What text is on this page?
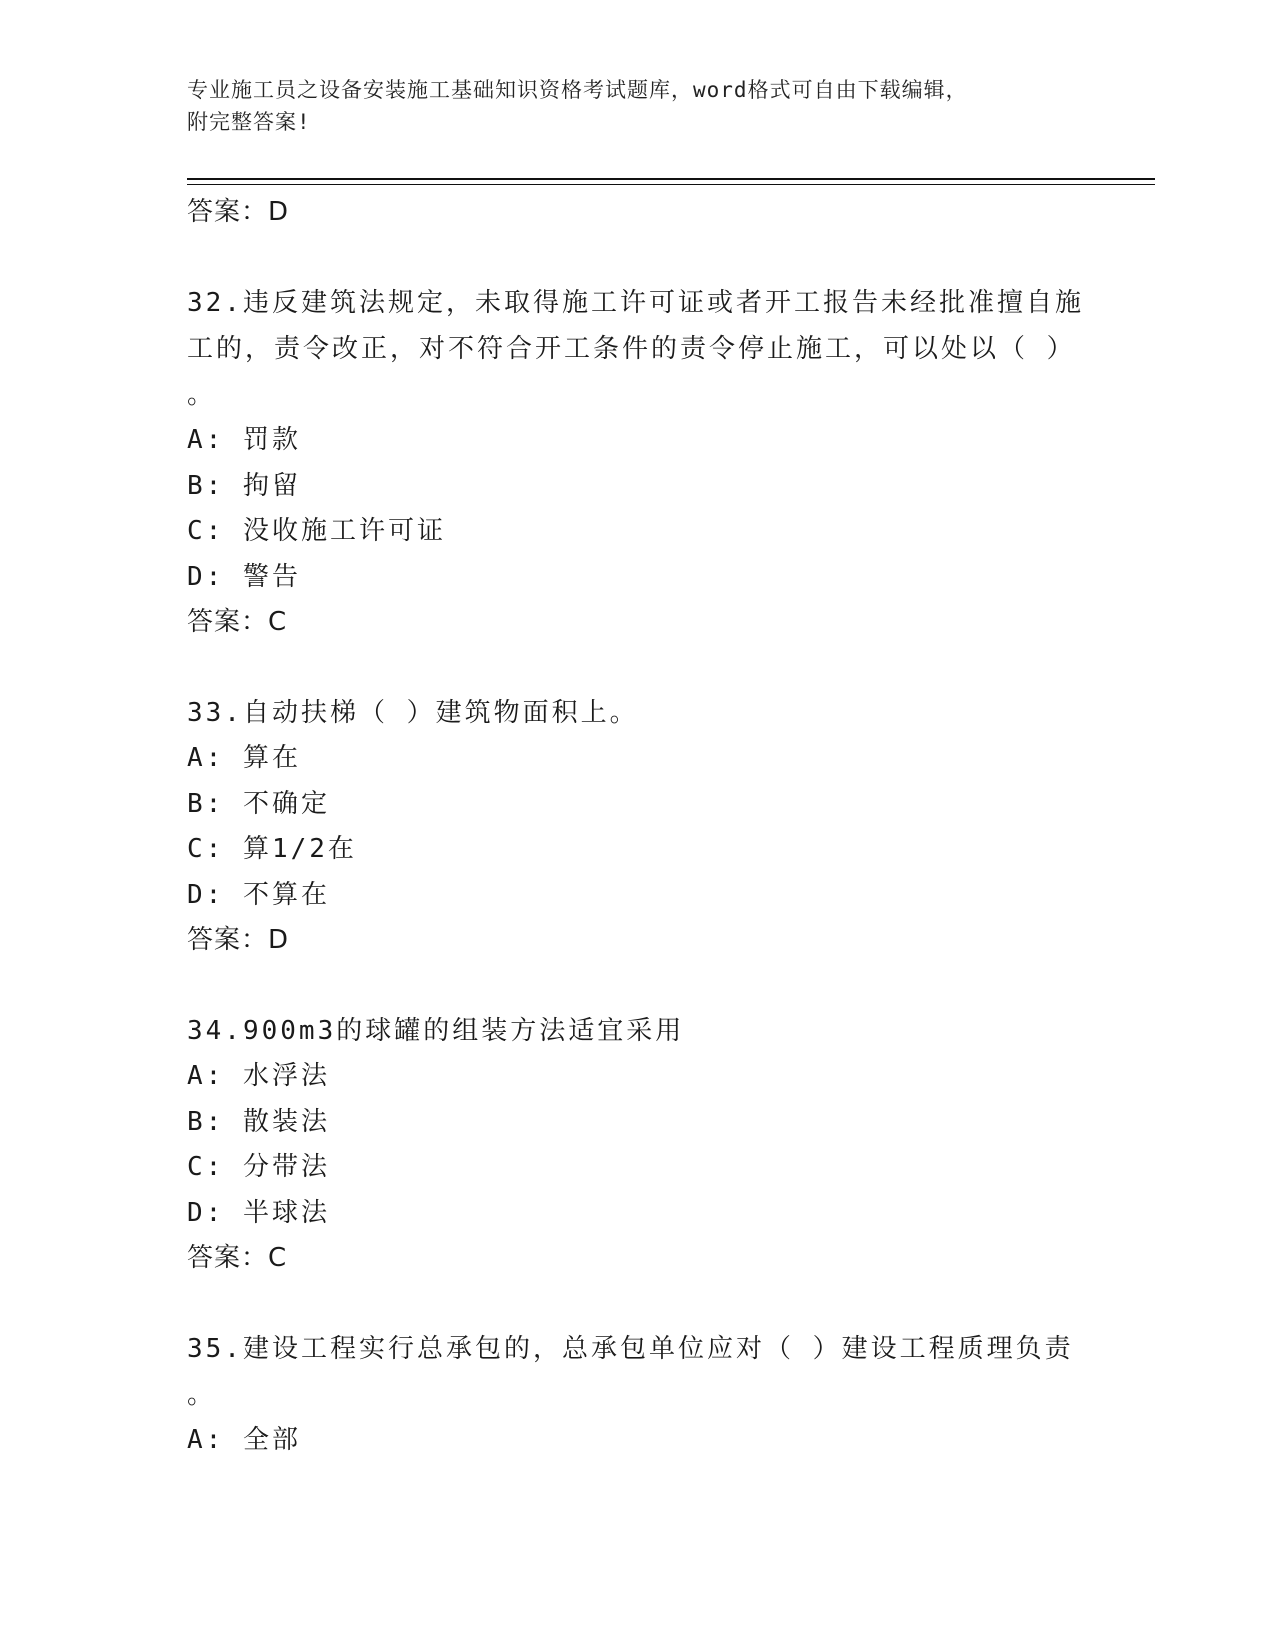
专业施工员之设备安装施工基础知识资格考试题库，word格式可自由下载编辑，
附完整答案!
答案：D
32.违反建筑法规定，未取得施工许可证或者开工报告未经批准擅自施
工的，责令改正，对不符合开工条件的责令停止施工，可以处以（ ）
。
A: 罚款
B: 拘留
C: 没收施工许可证
D: 警告
答案：C
33.自动扶梯（ ）建筑物面积上。
A: 算在
B: 不确定
C: 算1/2在
D: 不算在
答案：D
34.900m3的球罐的组装方法适宜采用
A: 水浮法
B: 散装法
C: 分带法
D: 半球法
答案：C
35.建设工程实行总承包的，总承包单位应对（ ）建设工程质理负责
。
A: 全部
